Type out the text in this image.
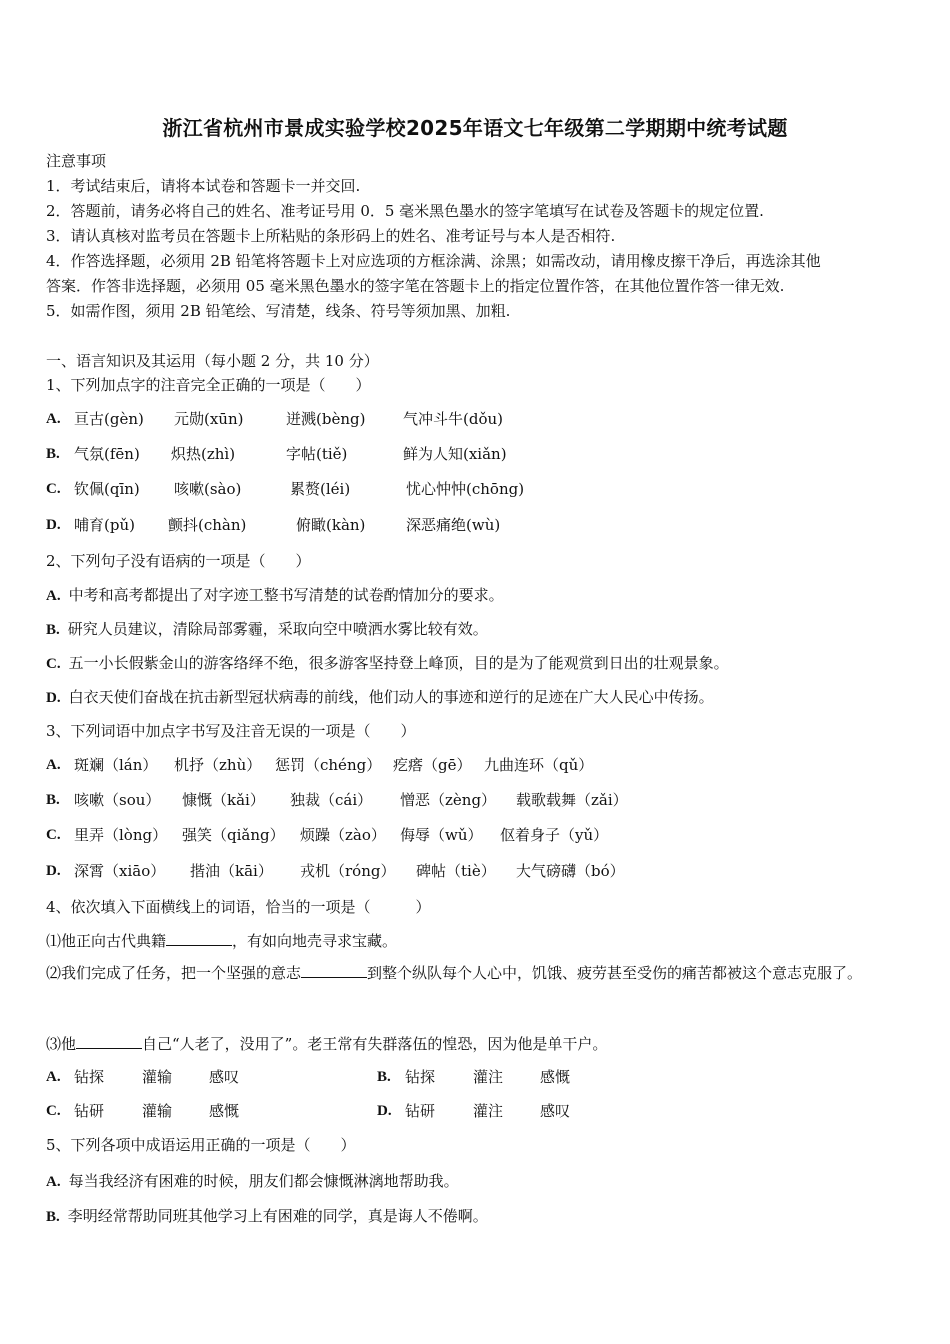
浙江省杭州市景成实验学校2025年语文七年级第二学期期中统考试题
注意事项
1．考试结束后，请将本试卷和答题卡一并交回.
2．答题前，请务必将自己的姓名、准考证号用 0．5 毫米黑色墨水的签字笔填写在试卷及答题卡的规定位置.
3．请认真核对监考员在答题卡上所粘贴的条形码上的姓名、准考证号与本人是否相符.
4．作答选择题，必须用 2B 铅笔将答题卡上对应选项的方框涂满、涂黑；如需改动，请用橡皮擦干净后，再选涂其他
答案．作答非选择题，必须用 05 毫米黑色墨水的签字笔在答题卡上的指定位置作答，在其他位置作答一律无效.
5．如需作图，须用 2B 铅笔绘、写清楚，线条、符号等须加黑、加粗.
一、语言知识及其运用（每小题 2 分，共 10 分）
1、下列加点字的注音完全正确的一项是（　　）
A. 亘古(gèn) 元勋(xūn)	迸溅(bèng)	气冲斗牛(dǒu)
B. 气氛(fēn) 炽热(zhì)	字帖(tiě)	鲜为人知(xiǎn)
C. 钦佩(qīn) 咳嗽(sào)	累赘(léi)	忧心忡忡(chōng)
D. 哺育(pǔ) 颤抖(chàn)	俯瞰(kàn)	深恶痛绝(wù)
2、下列句子没有语病的一项是（　　）
A. 中考和高考都提出了对字迹工整书写清楚的试卷酌情加分的要求。
B. 研究人员建议，清除局部雾霾，采取向空中喷洒水雾比较有效。
C. 五一小长假紫金山的游客络绎不绝，很多游客坚持登上峰顶，目的是为了能观赏到日出的壮观景象。
D. 白衣天使们奋战在抗击新型冠状病毒的前线，他们动人的事迹和逆行的足迹在广大人民心中传扬。
3、下列词语中加点字书写及注音无误的一项是（　　）
A. 斑斓（lán） 机抒（zhù） 惩罚（chéng） 疙瘩（gē） 九曲连环（qǔ）
B. 咳嗽（sou） 慷慨（kǎi） 独裁（cái） 憎恶（zèng） 载歌载舞（zǎi）
C. 里弄（lòng） 强笑（qiǎng） 烦躁（zào） 侮辱（wǔ） 伛着身子（yǔ）
D. 深霄（xiāo） 揩油（kāi） 戎机（róng） 碑帖（tiè） 大气磅礴（bó）
4、依次填入下面横线上的词语，恰当的一项是（　　　）
⑴他正向古代典籍	，有如向地壳寻求宝藏。
⑵我们完成了任务，把一个坚强的意志	到整个纵队每个人心中，饥饿、疲劳甚至受伤的痛苦都被这个意志克服了。
⑶他	自己“人老了，没用了”。老王常有失群落伍的惶恐，因为他是单干户。
A. 钻探	灌输 感叹	B. 钻探	灌注 感慨
C. 钻研	灌输 感慨	D. 钻研	灌注 感叹
5、下列各项中成语运用正确的一项是（　　）
A. 每当我经济有困难的时候，朋友们都会慷慨淋漓地帮助我。
B. 李明经常帮助同班其他学习上有困难的同学，真是诲人不倦啊。
